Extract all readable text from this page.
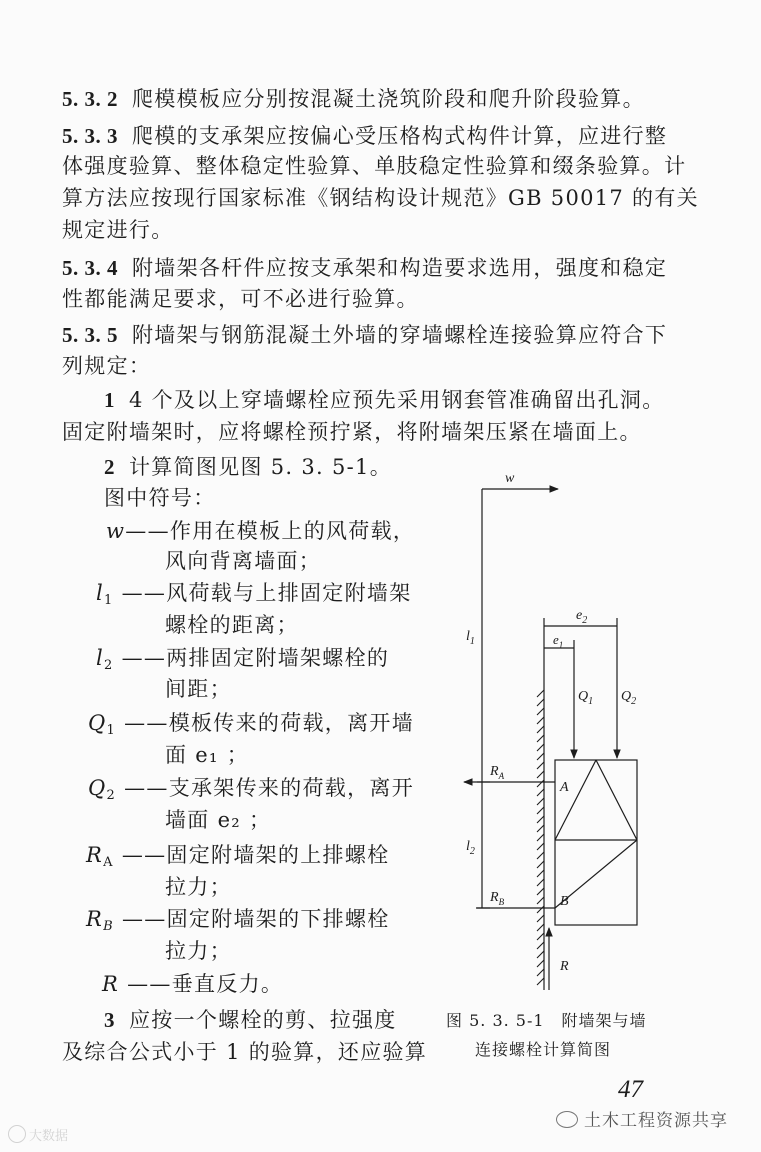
5. 3. 2 爬模模板应分别按混凝土浇筑阶段和爬升阶段验算。
5. 3. 3 爬模的支承架应按偏心受压格构式构件计算，应进行整
体强度验算、整体稳定性验算、单肢稳定性验算和缀条验算。计
算方法应按现行国家标准《钢结构设计规范》GB 50017 的有关
规定进行。
5. 3. 4 附墙架各杆件应按支承架和构造要求选用，强度和稳定
性都能满足要求，可不必进行验算。
5. 3. 5 附墙架与钢筋混凝土外墙的穿墙螺栓连接验算应符合下
列规定：
1 4 个及以上穿墙螺栓应预先采用钢套管准确留出孔洞。
固定附墙架时，应将螺栓预拧紧，将附墙架压紧在墙面上。
2 计算简图见图 5. 3. 5-1。
图中符号：
w——作用在模板上的风荷载，
风向背离墙面；
$l_1$ ——风荷载与上排固定附墙架
螺栓的距离；
$l_2$ ——两排固定附墙架螺栓的
间距；
$Q_1$ ——模板传来的荷载，离开墙
面 e₁ ；
$Q_2$ ——支承架传来的荷载，离开
墙面 e₂ ；
$R_A$ ——固定附墙架的上排螺栓
拉力；
$R_B$ ——固定附墙架的下排螺栓
拉力；
R ——垂直反力。
3 应按一个螺栓的剪、拉强度
及综合公式小于 1 的验算，还应验算
w
$l_1$
$l_2$
$e_2$
$e_1$
$Q_1$ $Q_2$
$R_A$
$R_B$
A
B
R
图 5. 3. 5-1　附墙架与墙
连接螺栓计算简图
47
土木工程资源共享
大数据
